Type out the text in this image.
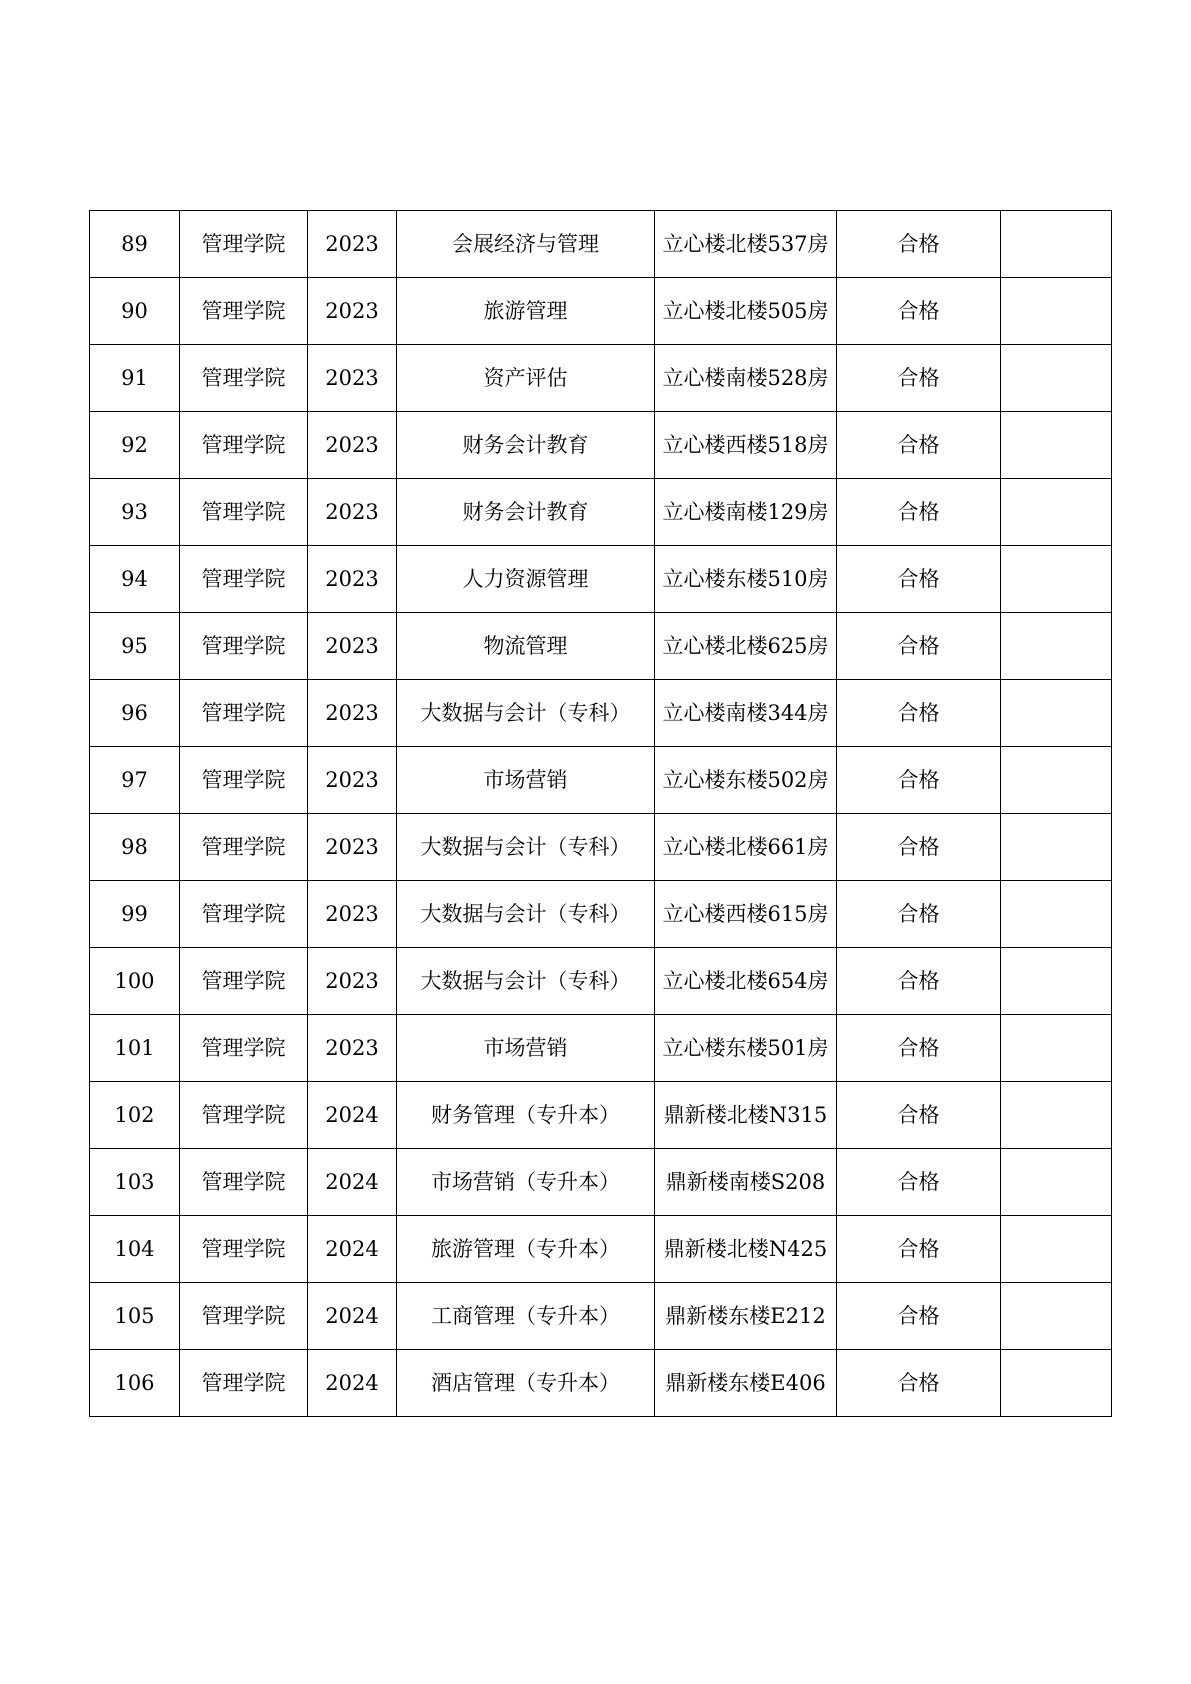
89	管理学院	2023	会展经济与管理	立心楼北楼537房	合格	
90	管理学院	2023	旅游管理	立心楼北楼505房	合格	
91	管理学院	2023	资产评估	立心楼南楼528房	合格	
92	管理学院	2023	财务会计教育	立心楼西楼518房	合格	
93	管理学院	2023	财务会计教育	立心楼南楼129房	合格	
94	管理学院	2023	人力资源管理	立心楼东楼510房	合格	
95	管理学院	2023	物流管理	立心楼北楼625房	合格	
96	管理学院	2023	大数据与会计（专科）	立心楼南楼344房	合格	
97	管理学院	2023	市场营销	立心楼东楼502房	合格	
98	管理学院	2023	大数据与会计（专科）	立心楼北楼661房	合格	
99	管理学院	2023	大数据与会计（专科）	立心楼西楼615房	合格	
100	管理学院	2023	大数据与会计（专科）	立心楼北楼654房	合格	
101	管理学院	2023	市场营销	立心楼东楼501房	合格	
102	管理学院	2024	财务管理（专升本）	鼎新楼北楼N315	合格	
103	管理学院	2024	市场营销（专升本）	鼎新楼南楼S208	合格	
104	管理学院	2024	旅游管理（专升本）	鼎新楼北楼N425	合格	
105	管理学院	2024	工商管理（专升本）	鼎新楼东楼E212	合格	
106	管理学院	2024	酒店管理（专升本）	鼎新楼东楼E406	合格	
